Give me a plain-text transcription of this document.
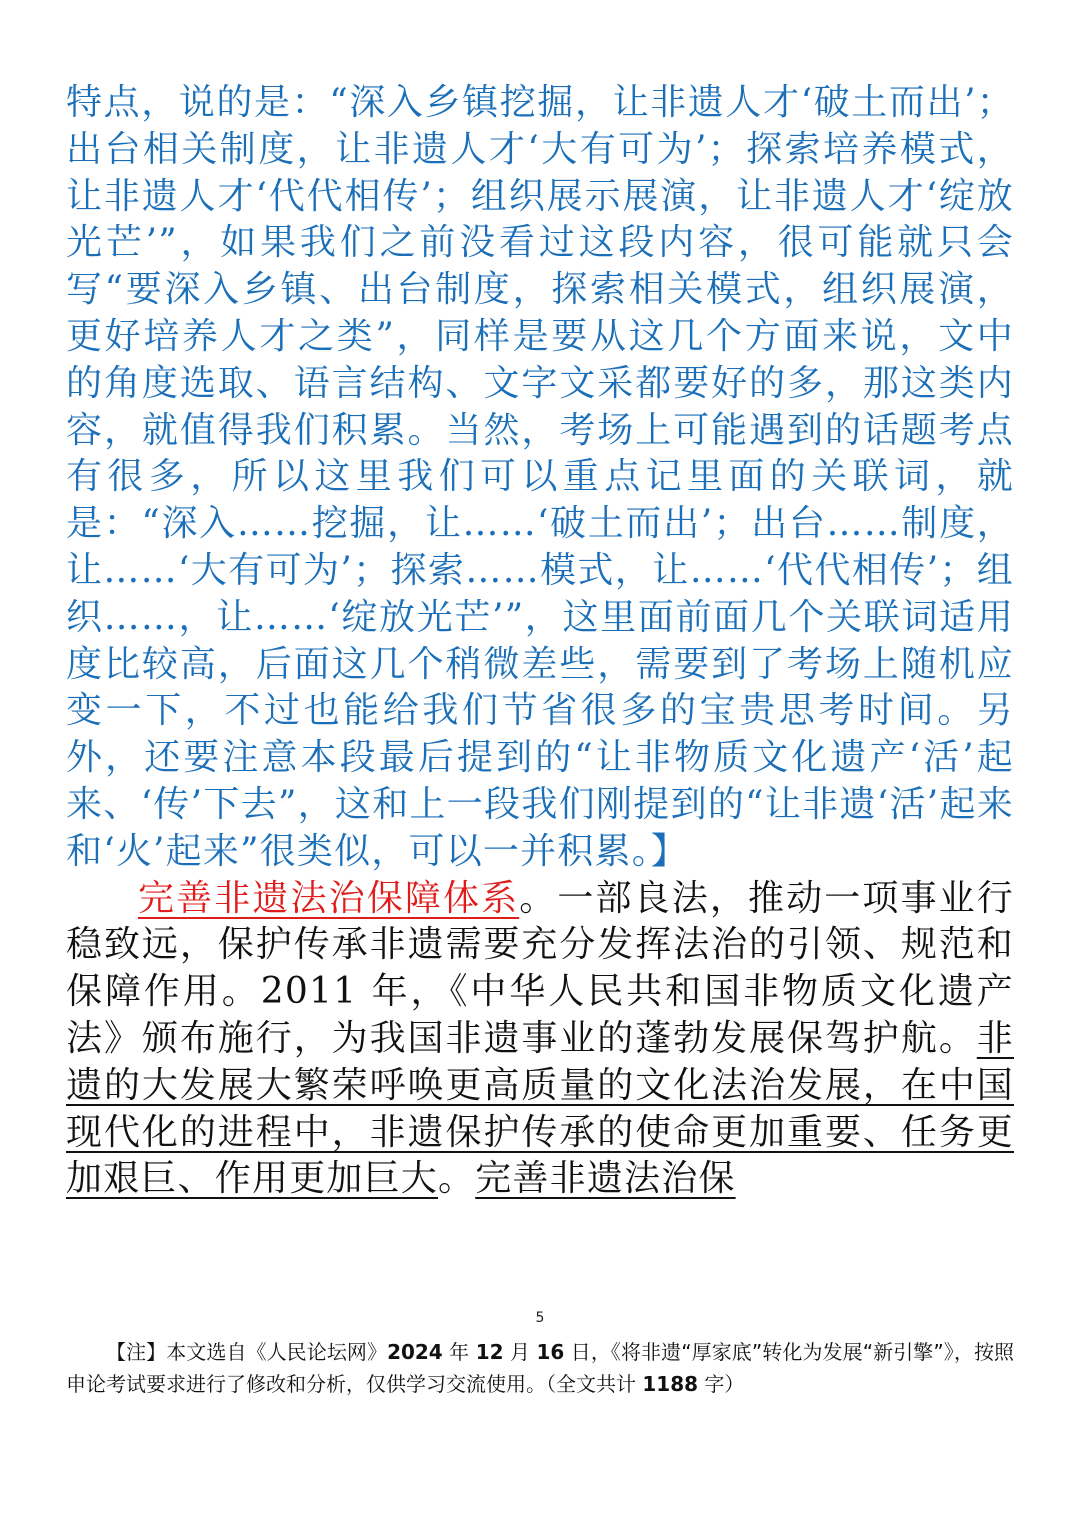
特点，说的是：“深入乡镇挖掘，让非遗人才‘破土而出’；出台相关制度，让非遗人才‘大有可为’；探索培养模式，让非遗人才‘代代相传’；组织展示展演，让非遗人才‘绽放光芒’”，如果我们之前没看过这段内容，很可能就只会写“要深入乡镇、出台制度，探索相关模式，组织展演，更好培养人才之类”，同样是要从这几个方面来说，文中的角度选取、语言结构、文字文采都要好的多，那这类内容，就值得我们积累。当然，考场上可能遇到的话题考点有很多，所以这里我们可以重点记里面的关联词，就是：“深入……挖掘，让……‘破土而出’；出台……制度，让……‘大有可为’；探索……模式，让……‘代代相传’；组织……，让……‘绽放光芒’”，这里面前面几个关联词适用度比较高，后面这几个稍微差些，需要到了考场上随机应变一下，不过也能给我们节省很多的宝贵思考时间。另外，还要注意本段最后提到的“让非物质文化遗产‘活’起来、‘传’下去”，这和上一段我们刚提到的“让非遗‘活’起来和‘火’起来”很类似，可以一并积累。】

完善非遗法治保障体系。一部良法，推动一项事业行稳致远，保护传承非遗需要充分发挥法治的引领、规范和保障作用。2011 年，《中华人民共和国非物质文化遗产法》颁布施行，为我国非遗事业的蓬勃发展保驾护航。非遗的大发展大繁荣呼唤更高质量的文化法治发展，在中国现代化的进程中，非遗保护传承的使命更加重要、任务更加艰巨、作用更加巨大。完善非遗法治保

5
【注】本文选自《人民论坛网》2024 年 12 月 16 日，《将非遗“厚家底”转化为发展“新引擎”》，按照申论考试要求进行了修改和分析，仅供学习交流使用。（全文共计 1188 字）
